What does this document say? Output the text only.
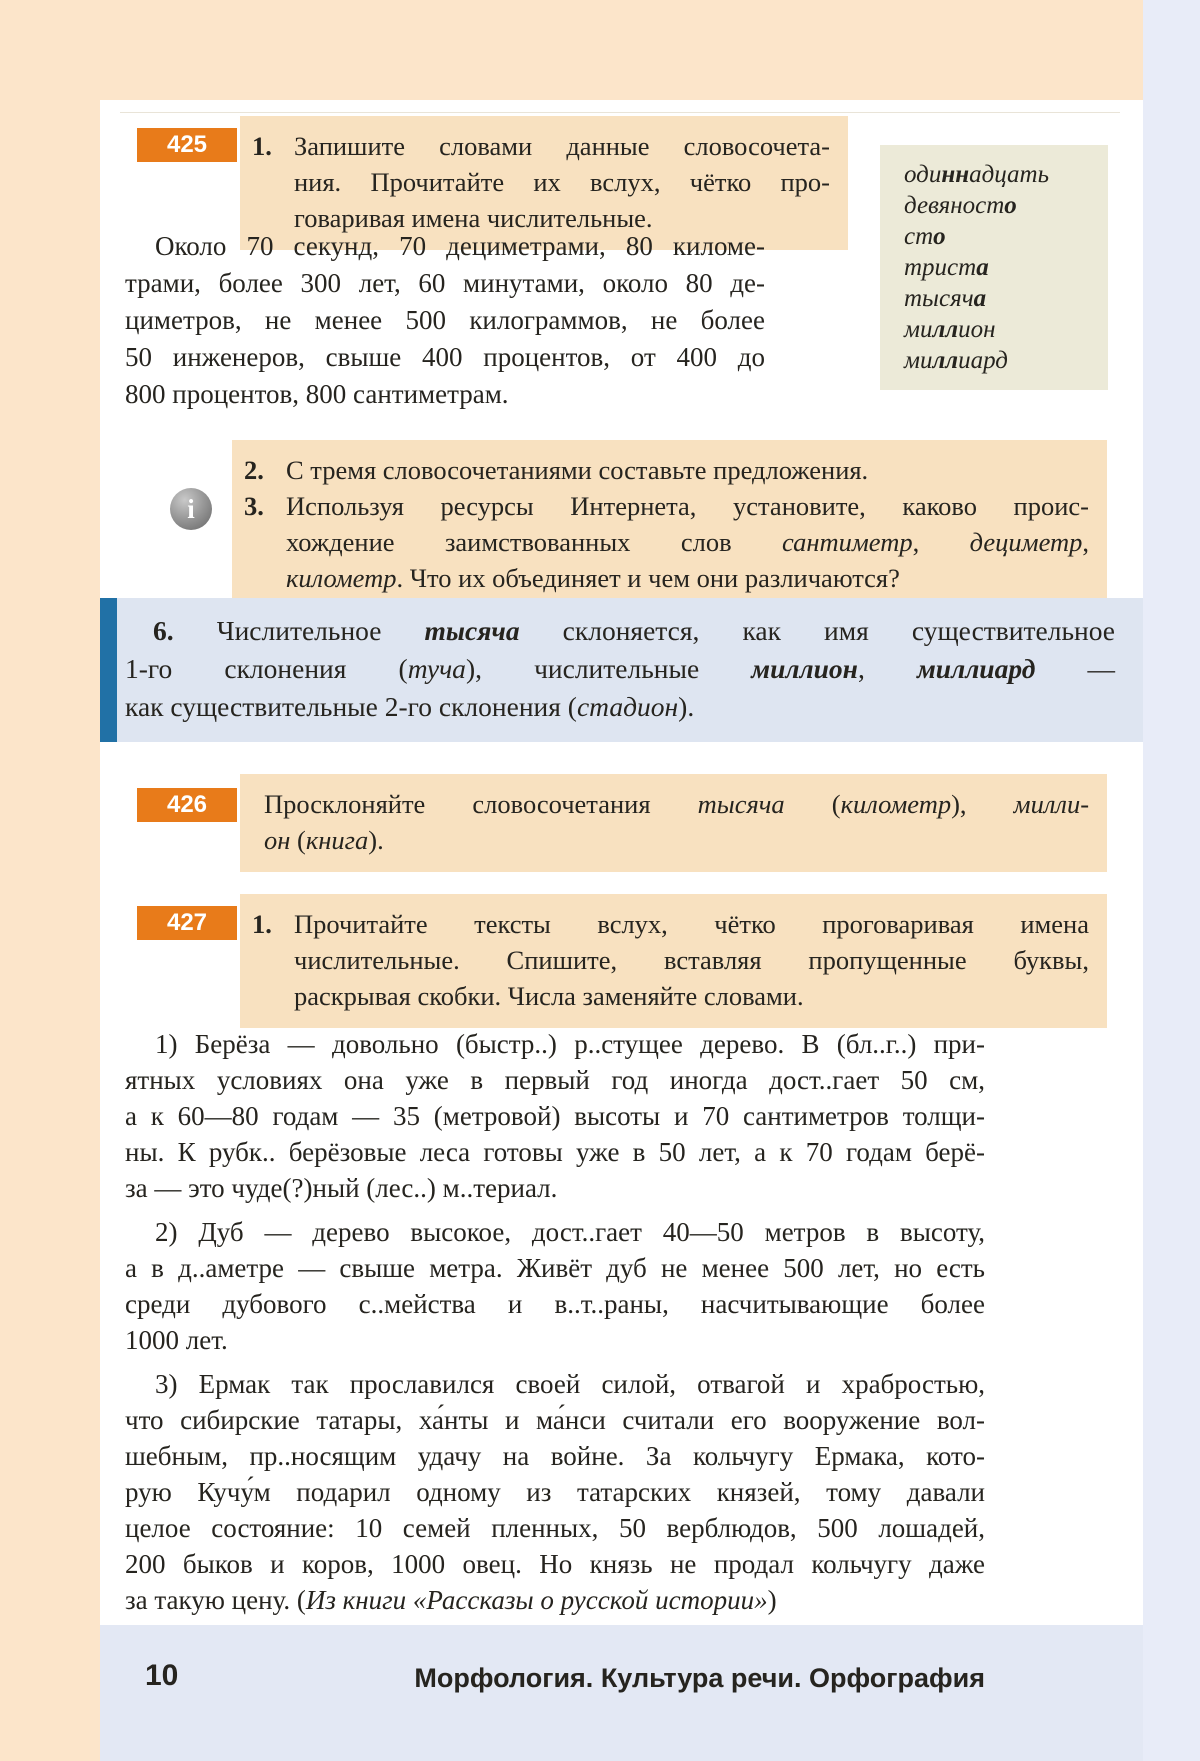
425	1. Запишите словами данные словосочета-
ния. Прочитайте их вслух, чётко про-
говаривая имена числительные.
одиннадцать
девяносто
сто
триста
тысяча
миллион
миллиард
Около 70 секунд, 70 дециметрами, 80 киломе-
трами, более 300 лет, 60 минутами, около 80 де-
циметров, не менее 500 килограммов, не более
50 инженеров, свыше 400 процентов, от 400 до
800 процентов, 800 сантиметрам.
2. С тремя словосочетаниями составьте предложения.
3. Используя ресурсы Интернета, установите, каково проис-
хождение заимствованных слов сантиметр, дециметр,
километр. Что их объединяет и чем они различаются?
i
6. Числительное тысяча склоняется, как имя существительное
1-го склонения (туча), числительные миллион, миллиард —
как существительные 2-го склонения (стадион).
426	Просклоняйте словосочетания тысяча (километр), милли-
он (книга).
427	1. Прочитайте тексты вслух, чётко проговаривая имена
числительные. Спишите, вставляя пропущенные буквы,
раскрывая скобки. Числа заменяйте словами.
1) Берёза — довольно (быстр..) р..стущее дерево. В (бл..г..) при-
ятных условиях она уже в первый год иногда дост..гает 50 см,
а к 60—80 годам — 35 (метровой) высоты и 70 сантиметров толщи-
ны. К рубк.. берёзовые леса готовы уже в 50 лет, а к 70 годам берё-
за — это чуде(?)ный (лес..) м..териал.
2) Дуб — дерево высокое, дост..гает 40—50 метров в высоту,
а в д..аметре — свыше метра. Живёт дуб не менее 500 лет, но есть
среди дубового с..мейства и в..т..раны, насчитывающие более
1000 лет.
3) Ермак так прославился своей силой, отвагой и храбростью,
что сибирские татары, ха́нты и ма́нси считали его вооружение вол-
шебным, пр..носящим удачу на войне. За кольчугу Ермака, кото-
рую Кучу́м подарил одному из татарских князей, тому давали
целое состояние: 10 семей пленных, 50 верблюдов, 500 лошадей,
200 быков и коров, 1000 овец. Но князь не продал кольчугу даже
за такую цену. (Из книги «Рассказы о русской истории»)
10	Морфология. Культура речи. Орфография
